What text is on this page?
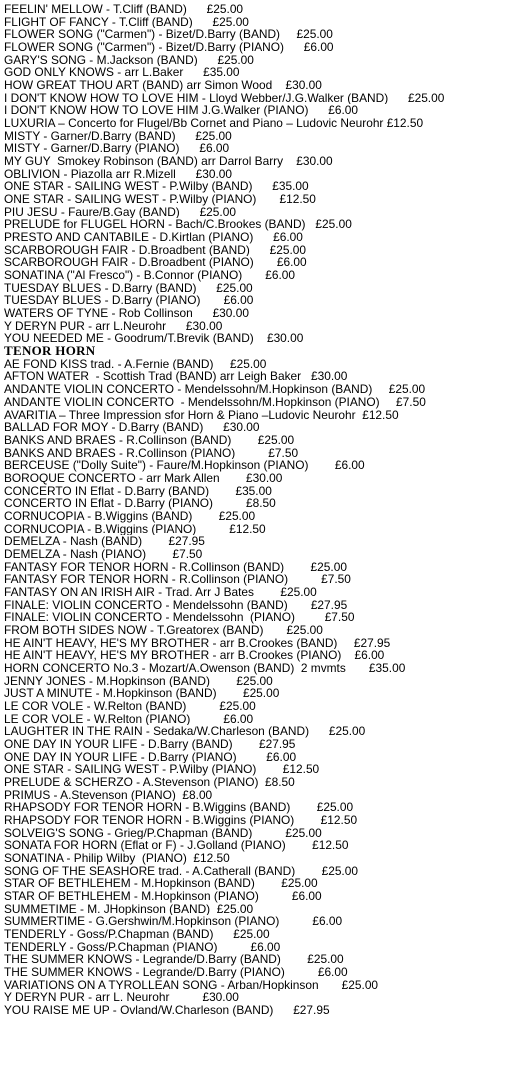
FEELIN' MELLOW - T.Cliff (BAND)      £25.00
FLIGHT OF FANCY - T.Cliff (BAND)      £25.00
FLOWER SONG ("Carmen") - Bizet/D.Barry (BAND)     £25.00
FLOWER SONG ("Carmen") - Bizet/D.Barry (PIANO)      £6.00
GARY'S SONG - M.Jackson (BAND)      £25.00
GOD ONLY KNOWS - arr L.Baker      £35.00
HOW GREAT THOU ART (BAND) arr Simon Wood    £30.00
I DON'T KNOW HOW TO LOVE HIM - Lloyd Webber/J.G.Walker (BAND)      £25.00
I DON'T KNOW HOW TO LOVE HIM J.G.Walker (PIANO)      £6.00
LUXURIA – Concerto for Flugel/Bb Cornet and Piano – Ludovic Neurohr £12.50
MISTY - Garner/D.Barry (BAND)      £25.00
MISTY - Garner/D.Barry (PIANO)      £6.00
MY GUY  Smokey Robinson (BAND) arr Darrol Barry    £30.00
OBLIVION - Piazolla arr R.Mizell      £30.00
ONE STAR - SAILING WEST - P.Wilby (BAND)      £35.00
ONE STAR - SAILING WEST - P.Wilby (PIANO)       £12.50
PIU JESU - Faure/B.Gay (BAND)      £25.00
PRELUDE for FLUGEL HORN - Bach/C.Brookes (BAND)   £25.00
PRESTO AND CANTABILE - D.Kirtlan (PIANO)      £6.00
SCARBOROUGH FAIR - D.Broadbent (BAND)      £25.00
SCARBOROUGH FAIR - D.Broadbent (PIANO)       £6.00
SONATINA ("Al Fresco") - B.Connor (PIANO)       £6.00
TUESDAY BLUES - D.Barry (BAND)      £25.00
TUESDAY BLUES - D.Barry (PIANO)       £6.00
WATERS OF TYNE - Rob Collinson      £30.00
Y DERYN PUR - arr L.Neurohr      £30.00
YOU NEEDED ME - Goodrum/T.Brevik (BAND)    £30.00
TENOR HORN
AE FOND KISS trad. - A.Fernie (BAND)     £25.00
AFTON WATER  - Scottish Trad (BAND) arr Leigh Baker   £30.00
ANDANTE VIOLIN CONCERTO - Mendelssohn/M.Hopkinson (BAND)     £25.00
ANDANTE VIOLIN CONCERTO  - Mendelssohn/M.Hopkinson (PIANO)     £7.50
AVARITIA – Three Impression sfor Horn & Piano –Ludovic Neurohr  £12.50
BALLAD FOR MOY - D.Barry (BAND)      £30.00
BANKS AND BRAES - R.Collinson (BAND)        £25.00
BANKS AND BRAES - R.Collinson (PIANO)          £7.50
BERCEUSE ("Dolly Suite") - Faure/M.Hopkinson (PIANO)        £6.00
BOROQUE CONCERTO - arr Mark Allen        £30.00
CONCERTO IN Eflat - D.Barry (BAND)        £35.00
CONCERTO IN Eflat - D.Barry (PIANO)          £8.50
CORNUCOPIA - B.Wiggins (BAND)        £25.00
CORNUCOPIA - B.Wiggins (PIANO)          £12.50
DEMELZA - Nash (BAND)        £27.95
DEMELZA - Nash (PIANO)        £7.50
FANTASY FOR TENOR HORN - R.Collinson (BAND)        £25.00
FANTASY FOR TENOR HORN - R.Collinson (PIANO)          £7.50
FANTASY ON AN IRISH AIR - Trad. Arr J Bates        £25.00
FINALE: VIOLIN CONCERTO - Mendelssohn (BAND)       £27.95
FINALE: VIOLIN CONCERTO - Mendelssohn  (PIANO)         £7.50
FROM BOTH SIDES NOW - T.Greatorex (BAND)       £25.00
HE AIN'T HEAVY, HE'S MY BROTHER - arr B.Crookes (BAND)     £27.95
HE AIN'T HEAVY, HE'S MY BROTHER - arr B.Crookes (PIANO)    £6.00
HORN CONCERTO No.3 - Mozart/A.Owenson (BAND)  2 mvmts       £35.00
JENNY JONES - M.Hopkinson (BAND)        £25.00
JUST A MINUTE - M.Hopkinson (BAND)        £25.00
LE COR VOLE - W.Relton (BAND)          £25.00
LE COR VOLE - W.Relton (PIANO)          £6.00
LAUGHTER IN THE RAIN - Sedaka/W.Charleson (BAND)      £25.00
ONE DAY IN YOUR LIFE - D.Barry (BAND)        £27.95
ONE DAY IN YOUR LIFE - D.Barry (PIANO)         £6.00
ONE STAR - SAILING WEST - P.Wilby (PIANO)        £12.50
PRELUDE & SCHERZO - A.Stevenson (PIANO)  £8.50
PRIMUS - A.Stevenson (PIANO)  £8.00
RHAPSODY FOR TENOR HORN - B.Wiggins (BAND)        £25.00
RHAPSODY FOR TENOR HORN - B.Wiggins (PIANO)        £12.50
SOLVEIG'S SONG - Grieg/P.Chapman (BAND)          £25.00
SONATA FOR HORN (Eflat or F) - J.Golland (PIANO)        £12.50
SONATINA - Philip Wilby  (PIANO)  £12.50
SONG OF THE SEASHORE trad. - A.Catherall (BAND)        £25.00
STAR OF BETHLEHEM - M.Hopkinson (BAND)        £25.00
STAR OF BETHLEHEM - M.Hopkinson (PIANO)          £6.00
SUMMETIME - M. JHopkinson (BAND)  £25.00
SUMMERTIME - G.Gershwin/M.Hopkinson (PIANO)          £6.00
TENDERLY - Goss/P.Chapman (BAND)      £25.00
TENDERLY - Goss/P.Chapman (PIANO)          £6.00
THE SUMMER KNOWS - Legrande/D.Barry (BAND)        £25.00
THE SUMMER KNOWS - Legrande/D.Barry (PIANO)          £6.00
VARIATIONS ON A TYROLLEAN SONG - Arban/Hopkinson       £25.00
Y DERYN PUR - arr L. Neurohr          £30.00
YOU RAISE ME UP - Ovland/W.Charleson (BAND)      £27.95
